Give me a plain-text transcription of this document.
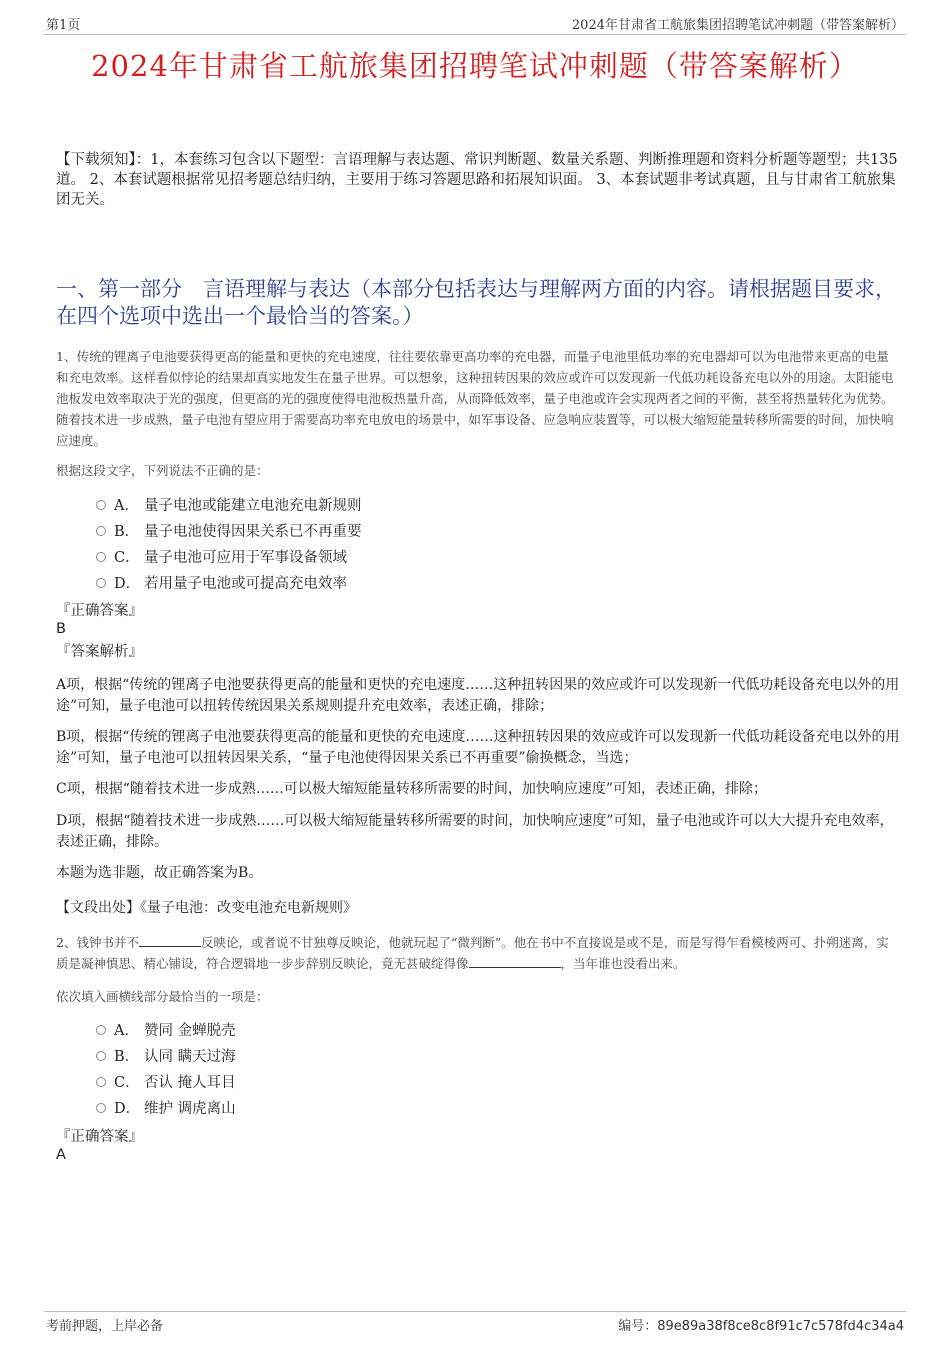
第1页	2024年甘肃省工航旅集团招聘笔试冲刺题（带答案解析）
2024年甘肃省工航旅集团招聘笔试冲刺题（带答案解析）
【下载须知】：1，本套练习包含以下题型：言语理解与表达题、常识判断题、数量关系题、判断推理题和资料分析题等题型；共135道。 2、本套试题根据常见招考题总结归纳，主要用于练习答题思路和拓展知识面。 3、本套试题非考试真题，且与甘肃省工航旅集团无关。
一、第一部分　言语理解与表达（本部分包括表达与理解两方面的内容。请根据题目要求，在四个选项中选出一个最恰当的答案。）
1、传统的锂离子电池要获得更高的能量和更快的充电速度，往往要依靠更高功率的充电器，而量子电池里低功率的充电器却可以为电池带来更高的电量和充电效率。这样看似悖论的结果却真实地发生在量子世界。可以想象，这种扭转因果的效应或许可以发现新一代低功耗设备充电以外的用途。太阳能电池板发电效率取决于光的强度，但更高的光的强度使得电池板热量升高，从而降低效率，量子电池或许会实现两者之间的平衡，甚至将热量转化为优势。随着技术进一步成熟，量子电池有望应用于需要高功率充电放电的场景中，如军事设备、应急响应装置等，可以极大缩短能量转移所需要的时间，加快响应速度。
根据这段文字，下列说法不正确的是：
A． 量子电池或能建立电池充电新规则
B． 量子电池使得因果关系已不再重要
C． 量子电池可应用于军事设备领域
D． 若用量子电池或可提高充电效率
『正确答案』
B
『答案解析』
A项，根据“传统的锂离子电池要获得更高的能量和更快的充电速度……这种扭转因果的效应或许可以发现新一代低功耗设备充电以外的用途”可知，量子电池可以扭转传统因果关系规则提升充电效率，表述正确，排除；
B项，根据“传统的锂离子电池要获得更高的能量和更快的充电速度……这种扭转因果的效应或许可以发现新一代低功耗设备充电以外的用途”可知，量子电池可以扭转因果关系，“量子电池使得因果关系已不再重要”偷换概念，当选；
C项，根据“随着技术进一步成熟……可以极大缩短能量转移所需要的时间，加快响应速度”可知，表述正确，排除；
D项，根据“随着技术进一步成熟……可以极大缩短能量转移所需要的时间，加快响应速度”可知，量子电池或许可以大大提升充电效率，表述正确，排除。
本题为选非题，故正确答案为B。
【文段出处】《量子电池：改变电池充电新规则》
2、钱钟书并不	反映论，或者说不甘独尊反映论，他就玩起了“微判断”。他在书中不直接说是或不是，而是写得乍看模棱两可、扑朔迷离，实质是凝神慎思、精心铺设，符合逻辑地一步步辞别反映论，竟无甚破绽得像	，当年谁也没看出来。
依次填入画横线部分最恰当的一项是：
A． 赞同 金蝉脱壳
B． 认同 瞒天过海
C． 否认 掩人耳目
D． 维护 调虎离山
『正确答案』
A
考前押题，上岸必备	编号：89e89a38f8ce8c8f91c7c578fd4c34a4
